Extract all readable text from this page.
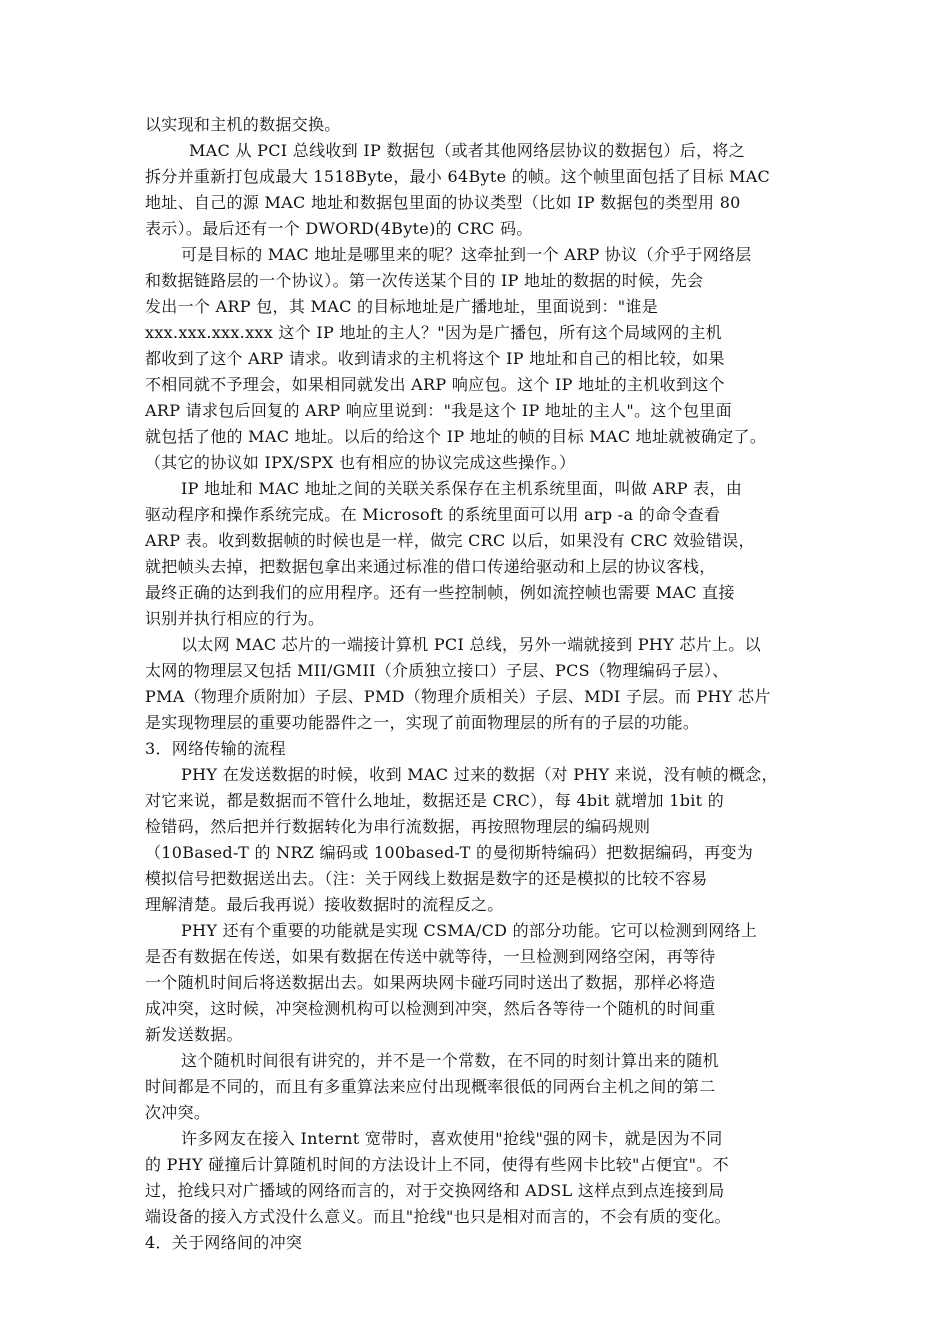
以实现和主机的数据交换。
MAC 从 PCI 总线收到 IP 数据包（或者其他网络层协议的数据包）后，将之
拆分并重新打包成最大 1518Byte，最小 64Byte 的帧。这个帧里面包括了目标 MAC
地址、自己的源 MAC 地址和数据包里面的协议类型（比如 IP 数据包的类型用 80
表示）。最后还有一个 DWORD(4Byte)的 CRC 码。
可是目标的 MAC 地址是哪里来的呢？这牵扯到一个 ARP 协议（介乎于网络层
和数据链路层的一个协议）。第一次传送某个目的 IP 地址的数据的时候，先会
发出一个 ARP 包，其 MAC 的目标地址是广播地址，里面说到："谁是
xxx.xxx.xxx.xxx 这个 IP 地址的主人？"因为是广播包，所有这个局域网的主机
都收到了这个 ARP 请求。收到请求的主机将这个 IP 地址和自己的相比较，如果
不相同就不予理会，如果相同就发出 ARP 响应包。这个 IP 地址的主机收到这个
ARP 请求包后回复的 ARP 响应里说到："我是这个 IP 地址的主人"。这个包里面
就包括了他的 MAC 地址。以后的给这个 IP 地址的帧的目标 MAC 地址就被确定了。
（其它的协议如 IPX/SPX 也有相应的协议完成这些操作。）
IP 地址和 MAC 地址之间的关联关系保存在主机系统里面，叫做 ARP 表，由
驱动程序和操作系统完成。在 Microsoft 的系统里面可以用 arp -a 的命令查看
ARP 表。收到数据帧的时候也是一样，做完 CRC 以后，如果没有 CRC 效验错误，
就把帧头去掉，把数据包拿出来通过标准的借口传递给驱动和上层的协议客栈，
最终正确的达到我们的应用程序。还有一些控制帧，例如流控帧也需要 MAC 直接
识别并执行相应的行为。
以太网 MAC 芯片的一端接计算机 PCI 总线，另外一端就接到 PHY 芯片上。以
太网的物理层又包括 MII/GMII（介质独立接口）子层、PCS（物理编码子层）、
PMA（物理介质附加）子层、PMD（物理介质相关）子层、MDI 子层。而 PHY 芯片
是实现物理层的重要功能器件之一，实现了前面物理层的所有的子层的功能。
3．网络传输的流程
PHY 在发送数据的时候，收到 MAC 过来的数据（对 PHY 来说，没有帧的概念，
对它来说，都是数据而不管什么地址，数据还是 CRC），每 4bit 就增加 1bit 的
检错码，然后把并行数据转化为串行流数据，再按照物理层的编码规则
（10Based-T 的 NRZ 编码或 100based-T 的曼彻斯特编码）把数据编码，再变为
模拟信号把数据送出去。（注：关于网线上数据是数字的还是模拟的比较不容易
理解清楚。最后我再说）接收数据时的流程反之。
PHY 还有个重要的功能就是实现 CSMA/CD 的部分功能。它可以检测到网络上
是否有数据在传送，如果有数据在传送中就等待，一旦检测到网络空闲，再等待
一个随机时间后将送数据出去。如果两块网卡碰巧同时送出了数据，那样必将造
成冲突，这时候，冲突检测机构可以检测到冲突，然后各等待一个随机的时间重
新发送数据。
这个随机时间很有讲究的，并不是一个常数，在不同的时刻计算出来的随机
时间都是不同的，而且有多重算法来应付出现概率很低的同两台主机之间的第二
次冲突。
许多网友在接入 Internt 宽带时，喜欢使用"抢线"强的网卡，就是因为不同
的 PHY 碰撞后计算随机时间的方法设计上不同，使得有些网卡比较"占便宜"。不
过，抢线只对广播域的网络而言的，对于交换网络和 ADSL 这样点到点连接到局
端设备的接入方式没什么意义。而且"抢线"也只是相对而言的，不会有质的变化。
4．关于网络间的冲突
